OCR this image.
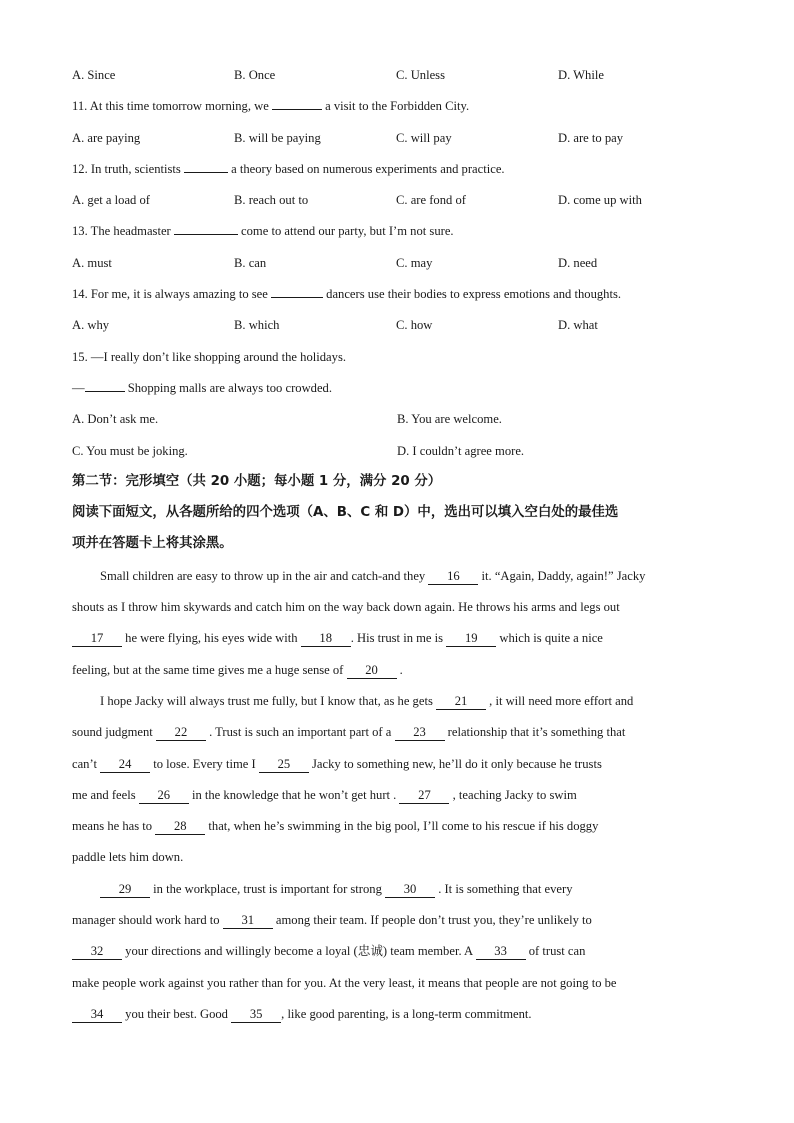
A. Since	B. Once	C. Unless	D. While
11. At this time tomorrow morning, we	a visit to the Forbidden City.
A. are paying	B. will be paying	C. will pay	D. are to pay
12. In truth, scientists	a theory based on numerous experiments and practice.
A. get a load of	B. reach out to	C. are fond of	D. come up with
13. The headmaster	come to attend our party, but I’m not sure.
A. must	B. can	C. may	D. need
14. For me, it is always amazing to see	dancers use their bodies to express emotions and thoughts.
A. why	B. which	C. how	D. what
15. —I really don’t like shopping around the holidays.
—	Shopping malls are always too crowded.
A. Don’t ask me.	B. You are welcome.
C. You must be joking.	D. I couldn’t agree more.
第二节：完形填空（共 20 小题；每小题 1 分，满分 20 分）
阅读下面短文，从各题所给的四个选项（A、B、C 和 D）中，选出可以填入空白处的最佳选
项并在答题卡上将其涂黑。
Small children are easy to throw up in the air and catch-and they 16 it. “Again, Daddy, again!” Jacky
shouts as I throw him skywards and catch him on the way back down again. He throws his arms and legs out
17 he were flying, his eyes wide with 18 . His trust in me is 19 which is quite a nice
feeling, but at the same time gives me a huge sense of 20 .
I hope Jacky will always trust me fully, but I know that, as he gets 21 , it will need more effort and
sound judgment 22 . Trust is such an important part of a 23 relationship that it’s something that
can’t 24 to lose. Every time I 25 Jacky to something new, he’ll do it only because he trusts
me and feels 26 in the knowledge that he won’t get hurt . 27 , teaching Jacky to swim
means he has to 28 that, when he’s swimming in the big pool, I’ll come to his rescue if his doggy
paddle lets him down.
29 in the workplace, trust is important for strong 30 . It is something that every
manager should work hard to 31 among their team. If people don’t trust you, they’re unlikely to
32 your directions and willingly become a loyal (忠诚) team member. A 33 of trust can
make people work against you rather than for you. At the very least, it means that people are not going to be
34 you their best. Good 35 , like good parenting, is a long-term commitment.
